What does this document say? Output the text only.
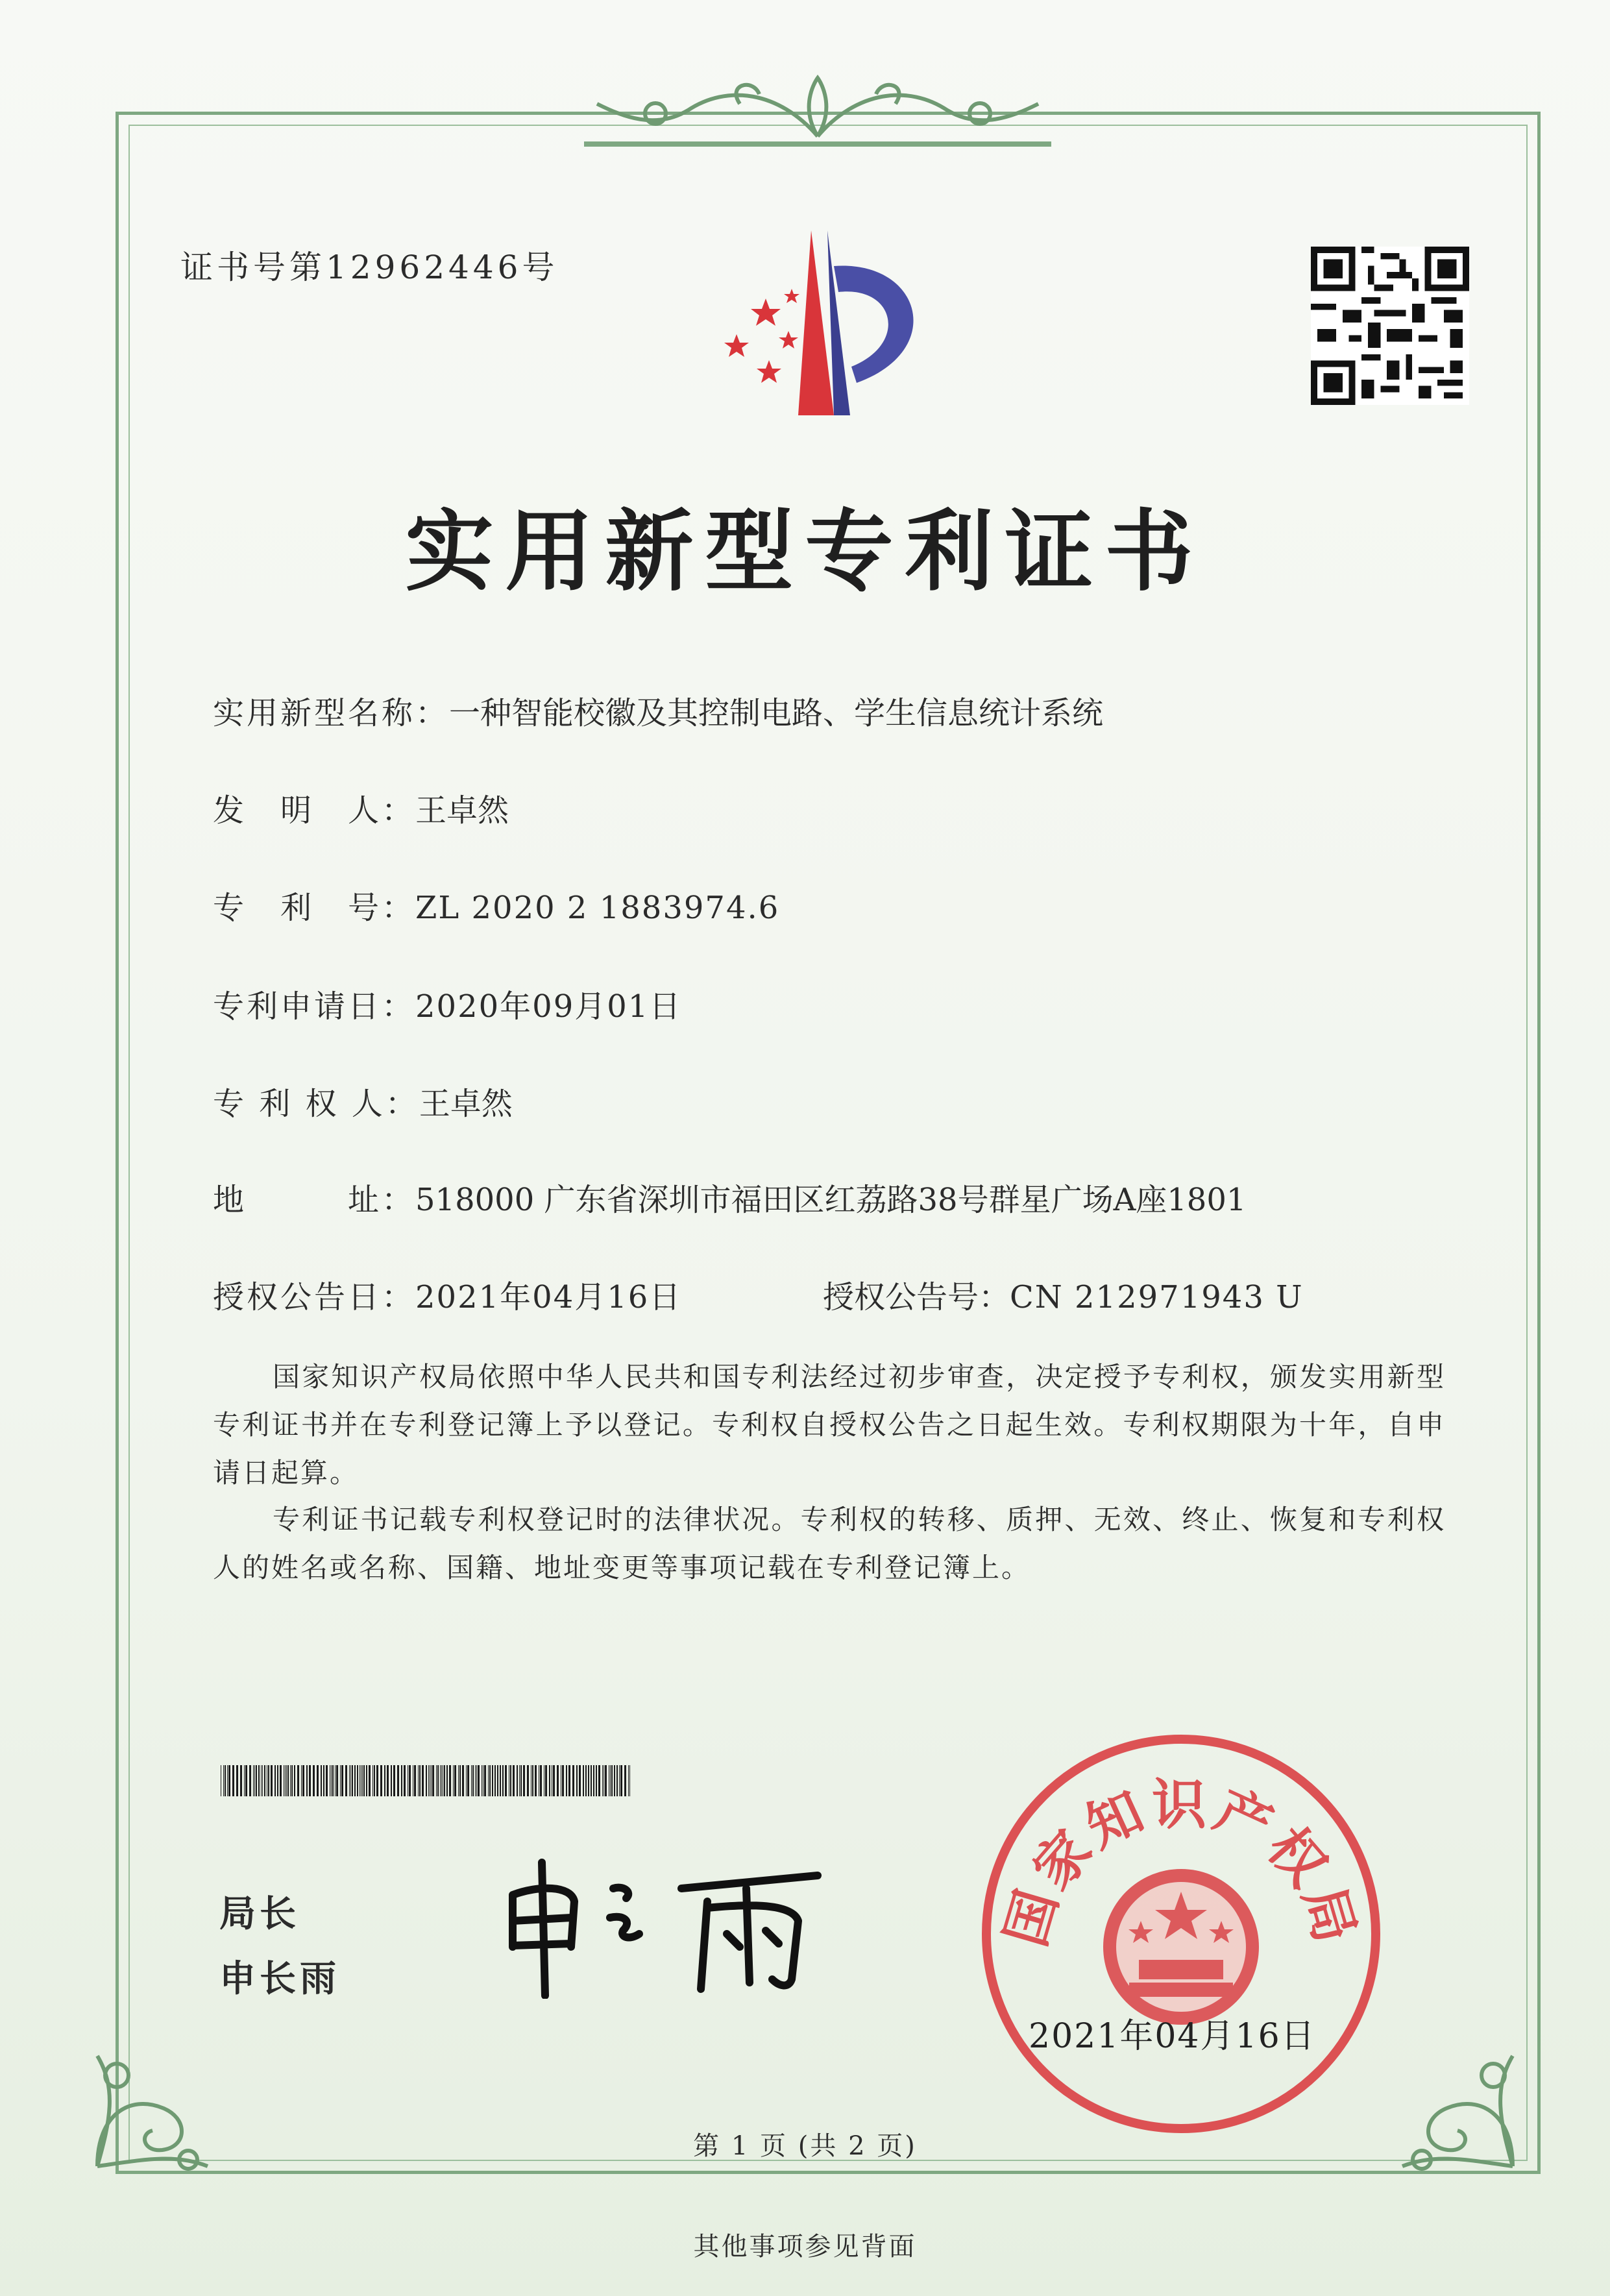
证书号第12962446号
实用新型专利证书
实用新型名称：一种智能校徽及其控制电路、学生信息统计系统
发　明　人：王卓然
专　利　号：ZL 2020 2 1883974.6
专利申请日：2020年09月01日
专 利 权 人：王卓然
地　　　址：518000 广东省深圳市福田区红荔路38号群星广场A座1801
授权公告日：2021年04月16日	授权公告号：CN 212971943 U
国家知识产权局依照中华人民共和国专利法经过初步审查，决定授予专利权，颁发实用新型专利证书并在专利登记簿上予以登记。专利权自授权公告之日起生效。专利权期限为十年，自申请日起算。
专利证书记载专利权登记时的法律状况。专利权的转移、质押、无效、终止、恢复和专利权人的姓名或名称、国籍、地址变更等事项记载在专利登记簿上。
局长
申长雨
国家知识产权局
2021年04月16日
第 1 页 (共 2 页)
其他事项参见背面
